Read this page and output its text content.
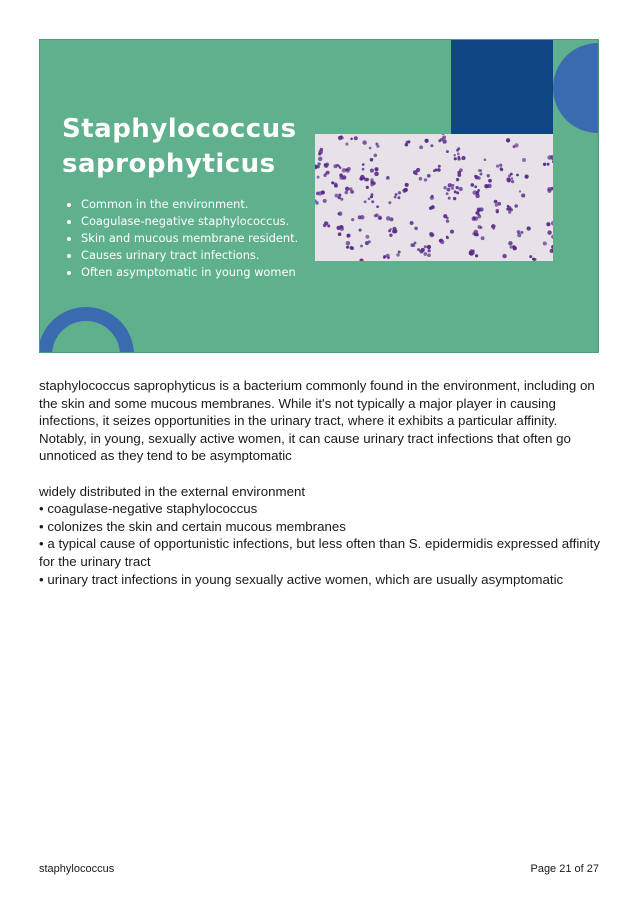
Staphylococcus
saprophyticus
Common in the environment.
Coagulase-negative staphylococcus.
Skin and mucous membrane resident.
Causes urinary tract infections.
Often asymptomatic in young women

staphylococcus saprophyticus is a bacterium commonly found in the environment, including on the skin and some mucous membranes. While it's not typically a major player in causing infections, it seizes opportunities in the urinary tract, where it exhibits a particular affinity. Notably, in young, sexually active women, it can cause urinary tract infections that often go unnoticed as they tend to be asymptomatic

widely distributed in the external environment

• coagulase-negative staphylococcus

• colonizes the skin and certain mucous membranes

• a typical cause of opportunistic infections, but less often than S. epidermidis expressed affinity for the urinary tract

• urinary tract infections in young sexually active women, which are usually asymptomatic

staphylococcus	Page 21 of 27
